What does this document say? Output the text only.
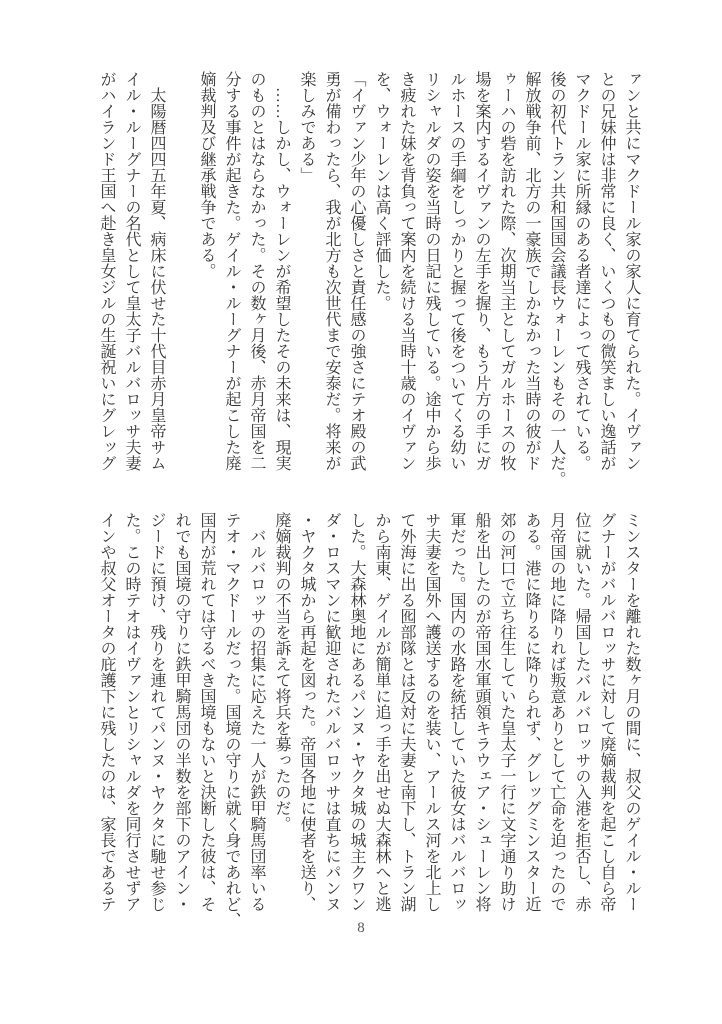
ァンと共にマクドール家の家人に育てられた。イヴァン
との兄妹仲は非常に良く、いくつもの微笑ましい逸話が
マクドール家に所縁のある者達によって残されている。
後の初代トラン共和国国会議長ウォーレンもその一人だ。
解放戦争前、北方の一豪族でしかなかった当時の彼がド
ゥーハの砦を訪れた際、次期当主としてガルホースの牧
場を案内するイヴァンの左手を握り、もう片方の手にガ
ルホースの手綱をしっかりと握って後をついてくる幼い
リシャルダの姿を当時の日記に残している。途中から歩
き疲れた妹を背負って案内を続ける当時十歳のイヴァン
を、ウォーレンは高く評価した。
「イヴァン少年の心優しさと責任感の強さにテオ殿の武
勇が備わったら、我が北方も次世代まで安泰だ。将来が
楽しみである」
　……しかし、ウォーレンが希望したその未来は、現実
のものとはならなかった。その数ヶ月後、赤月帝国を二
分する事件が起きた。ゲイル・ルーグナーが起こした廃
嫡裁判及び継承戦争である。

　太陽暦四四五年夏、病床に伏せた十代目赤月皇帝サム
イル・ルーグナーの名代として皇太子バルバロッサ夫妻
がハイランド王国へ赴き皇女ジルの生誕祝いにグレッグ
ミンスターを離れた数ヶ月の間に、叔父のゲイル・ルー
グナーがバルバロッサに対して廃嫡裁判を起こし自ら帝
位に就いた。帰国したバルバロッサの入港を拒否し、赤
月帝国の地に降りれば叛意ありとして亡命を迫ったので
ある。港に降りるに降りられず、グレッグミンスター近
郊の河口で立ち往生していた皇太子一行に文字通り助け
船を出したのが帝国水軍頭領キラウェア・シューレン将
軍だった。国内の水路を統括していた彼女はバルバロッ
サ夫妻を国外へ護送するのを装い、アールス河を北上し
て外海に出る囮部隊とは反対に夫妻と南下し、トラン湖
から南東、ゲイルが簡単に追っ手を出せぬ大森林へと逃
した。大森林奥地にあるパンヌ・ヤクタ城の城主クワン
ダ・ロスマンに歓迎されたバルバロッサは直ちにパンヌ
・ヤクタ城から再起を図った。帝国各地に使者を送り、
廃嫡裁判の不当を訴えて将兵を募ったのだ。
　バルバロッサの招集に応えた一人が鉄甲騎馬団率いる
テオ・マクドールだった。国境の守りに就く身であれど、
国内が荒れては守るべき国境もないと決断した彼は、そ
れでも国境の守りに鉄甲騎馬団の半数を部下のアイン・
ジードに預け、残りを連れてパンヌ・ヤクタに馳せ参じ
た。この時テオはイヴァンとリシャルダを同行させずア
インや叔父オータの庇護下に残したのは、家長であるテ
8
